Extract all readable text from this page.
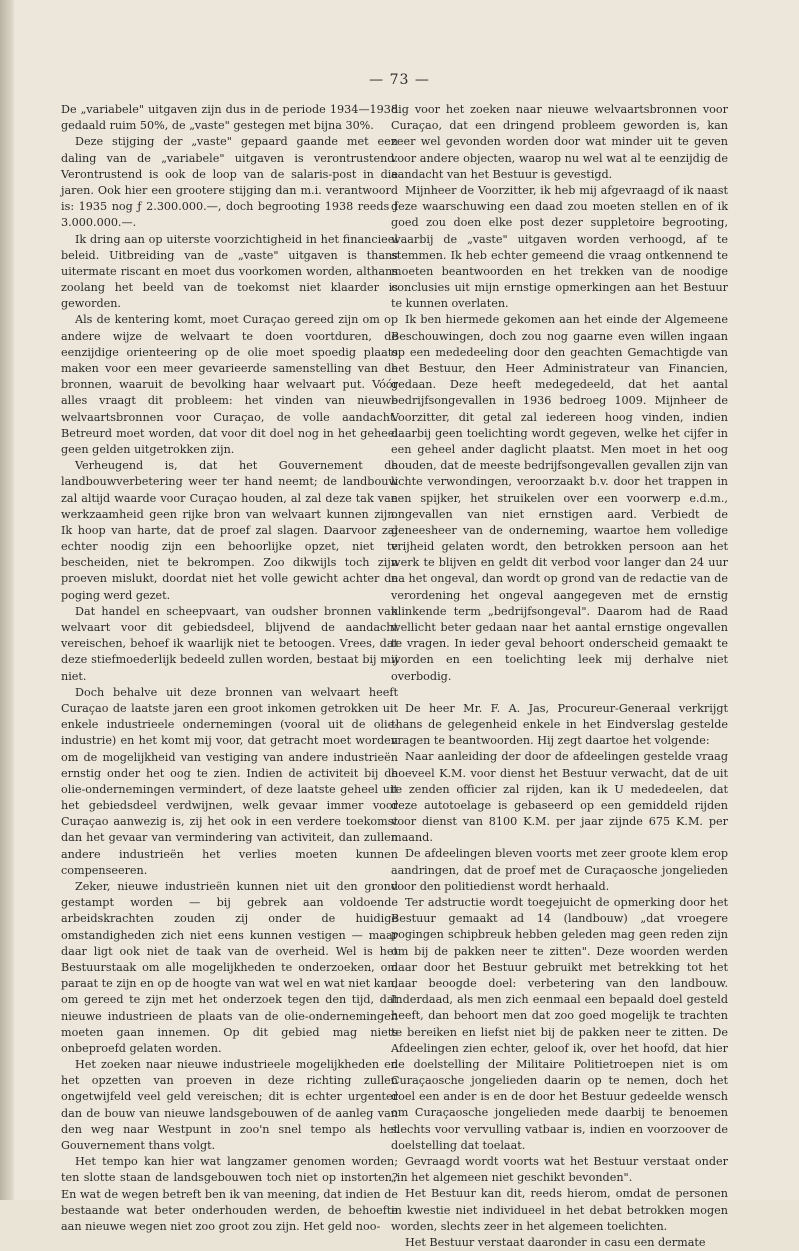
— 73 —

De „variabele" uitgaven zijn dus in de periode 1934—1938 gedaald ruim 50%, de „vaste" gestegen met bijna 30%.

Deze stijging der „vaste" gepaard gaande met een daling van de „variabele" uitgaven is verontrustend. Verontrustend is ook de loop van de salaris-post in die jaren. Ook hier een grootere stijging dan m.i. verantwoord is: 1935 nog ƒ 2.300.000.—, doch begrooting 1938 reeds ƒ 3.000.000.—.

Ik dring aan op uiterste voorzichtigheid in het financieel beleid. Uitbreiding van de „vaste" uitgaven is thans uitermate riscant en moet dus voorkomen worden, althans zoolang het beeld van de toekomst niet klaarder is geworden.

Als de kentering komt, moet Curaçao gereed zijn om op andere wijze de welvaart te doen voortduren, de eenzijdige orienteering op de olie moet spoedig plaats maken voor een meer gevarieerde samenstelling van de bronnen, waaruit de bevolking haar welvaart put. Vóór alles vraagt dit probleem: het vinden van nieuwe welvaartsbronnen voor Curaçao, de volle aandacht. Betreurd moet worden, dat voor dit doel nog in het geheel geen gelden uitgetrokken zijn.

Verheugend is, dat het Gouvernement de landbouwverbetering weer ter hand neemt; de landbouw zal altijd waarde voor Curaçao houden, al zal deze tak van werkzaamheid geen rijke bron van welvaart kunnen zijn. Ik hoop van harte, dat de proef zal slagen. Daarvoor zal echter noodig zijn een behoorlijke opzet, niet te bescheiden, niet te bekrompen. Zoo dikwijls toch zijn proeven mislukt, doordat niet het volle gewicht achter de poging werd gezet.

Dat handel en scheepvaart, van oudsher bronnen van welvaart voor dit gebiedsdeel, blijvend de aandacht vereischen, behoef ik waarlijk niet te betoogen. Vrees, dat deze stiefmoederlijk bedeeld zullen worden, bestaat bij mij niet.

Doch behalve uit deze bronnen van welvaart heeft Curaçao de laatste jaren een groot inkomen getrokken uit enkele industrieele ondernemingen (vooral uit de olie-industrie) en het komt mij voor, dat getracht moet worden om de mogelijkheid van vestiging van andere industrieën ernstig onder het oog te zien. Indien de activiteit bij de olie-ondernemingen vermindert, of deze laatste geheel uit het gebiedsdeel verdwijnen, welk gevaar immer voor Curaçao aanwezig is, zij het ook in een verdere toekomst dan het gevaar van vermindering van activiteit, dan zullen andere industrieën het verlies moeten kunnen compenseeren.

Zeker, nieuwe industrieën kunnen niet uit den grond gestampt worden — bij gebrek aan voldoende arbeidskrachten zouden zij onder de huidige omstandigheden zich niet eens kunnen vestigen — maar daar ligt ook niet de taak van de overheid. Wel is het Bestuurstaak om alle mogelijkheden te onderzoeken, om paraat te zijn en op de hoogte van wat wel en wat niet kan, om gereed te zijn met het onderzoek tegen den tijd, dat nieuwe industrieen de plaats van de olie-ondernemingen moeten gaan innemen. Op dit gebied mag niets onbeproefd gelaten worden.

Het zoeken naar nieuwe industrieele mogelijkheden en het opzetten van proeven in deze richting zullen ongetwijfeld veel geld vereischen; dit is echter urgenter dan de bouw van nieuwe landsgebouwen of de aanleg van den weg naar Westpunt in zoo'n snel tempo als het Gouvernement thans volgt.

Het tempo kan hier wat langzamer genomen worden; ten slotte staan de landsgebouwen toch niet op instorten? En wat de wegen betreft ben ik van meening, dat indien de bestaande wat beter onderhouden werden, de behoefte aan nieuwe wegen niet zoo groot zou zijn. Het geld noo-

dig voor het zoeken naar nieuwe welvaartsbronnen voor Curaçao, dat een dringend probleem geworden is, kan zeer wel gevonden worden door wat minder uit te geven voor andere objecten, waarop nu wel wat al te eenzijdig de aandacht van het Bestuur is gevestigd.

Mijnheer de Voorzitter, ik heb mij afgevraagd of ik naast deze waarschuwing een daad zou moeten stellen en of ik goed zou doen elke post dezer suppletoire begrooting, waarbij de „vaste" uitgaven worden verhoogd, af te stemmen. Ik heb echter gemeend die vraag ontkennend te moeten beantwoorden en het trekken van de noodige conclusies uit mijn ernstige opmerkingen aan het Bestuur te kunnen overlaten.

Ik ben hiermede gekomen aan het einde der Algemeene Beschouwingen, doch zou nog gaarne even willen ingaan op een mededeeling door den geachten Gemachtigde van het Bestuur, den Heer Administrateur van Financien, gedaan. Deze heeft medegedeeld, dat het aantal bedrijfsongevallen in 1936 bedroeg 1009. Mijnheer de Voorzitter, dit getal zal iedereen hoog vinden, indien daarbij geen toelichting wordt gegeven, welke het cijfer in een geheel ander daglicht plaatst. Men moet in het oog houden, dat de meeste bedrijfsongevallen gevallen zijn van lichte verwondingen, veroorzaakt b.v. door het trappen in een spijker, het struikelen over een voorwerp e.d.m., ongevallen van niet ernstigen aard. Verbiedt de geneesheer van de onderneming, waartoe hem volledige vrijheid gelaten wordt, den betrokken persoon aan het werk te blijven en geldt dit verbod voor langer dan 24 uur na het ongeval, dan wordt op grond van de redactie van de verordening het ongeval aangegeven met de ernstig klinkende term „bedrijfsongeval". Daarom had de Raad wellicht beter gedaan naar het aantal ernstige ongevallen te vragen. In ieder geval behoort onderscheid gemaakt te worden en een toelichting leek mij derhalve niet overbodig.

De heer Mr. F. A. Jas, Procureur-Generaal verkrijgt thans de gelegenheid enkele in het Eindverslag gestelde vragen te beantwoorden. Hij zegt daartoe het volgende:

Naar aanleiding der door de afdeelingen gestelde vraag hoeveel K.M. voor dienst het Bestuur verwacht, dat de uit te zenden officier zal rijden, kan ik U mededeelen, dat deze autotoelage is gebaseerd op een gemiddeld rijden voor dienst van 8100 K.M. per jaar zijnde 675 K.M. per maand.

De afdeelingen bleven voorts met zeer groote klem erop aandringen, dat de proef met de Curaçaosche jongelieden voor den politiedienst wordt herhaald.

Ter adstructie wordt toegejuicht de opmerking door het Bestuur gemaakt ad 14 (landbouw) „dat vroegere pogingen schipbreuk hebben geleden mag geen reden zijn om bij de pakken neer te zitten". Deze woorden werden daar door het Bestuur gebruikt met betrekking tot het daar beoogde doel: verbetering van den landbouw. Inderdaad, als men zich eenmaal een bepaald doel gesteld heeft, dan behoort men dat zoo goed mogelijk te trachten te bereiken en liefst niet bij de pakken neer te zitten. De Afdeelingen zien echter, geloof ik, over het hoofd, dat hier de doelstelling der Militaire Politietroepen niet is om Curaçaosche jongelieden daarin op te nemen, doch het doel een ander is en de door het Bestuur gedeelde wensch om Curaçaosche jongelieden mede daarbij te benoemen slechts voor vervulling vatbaar is, indien en voorzoover de doelstelling dat toelaat.

Gevraagd wordt voorts wat het Bestuur verstaat onder „in het algemeen niet geschikt bevonden".

Het Bestuur kan dit, reeds hierom, omdat de personen in kwestie niet individueel in het debat betrokken mogen worden, slechts zeer in het algemeen toelichten.

Het Bestuur verstaat daaronder in casu een dermate
